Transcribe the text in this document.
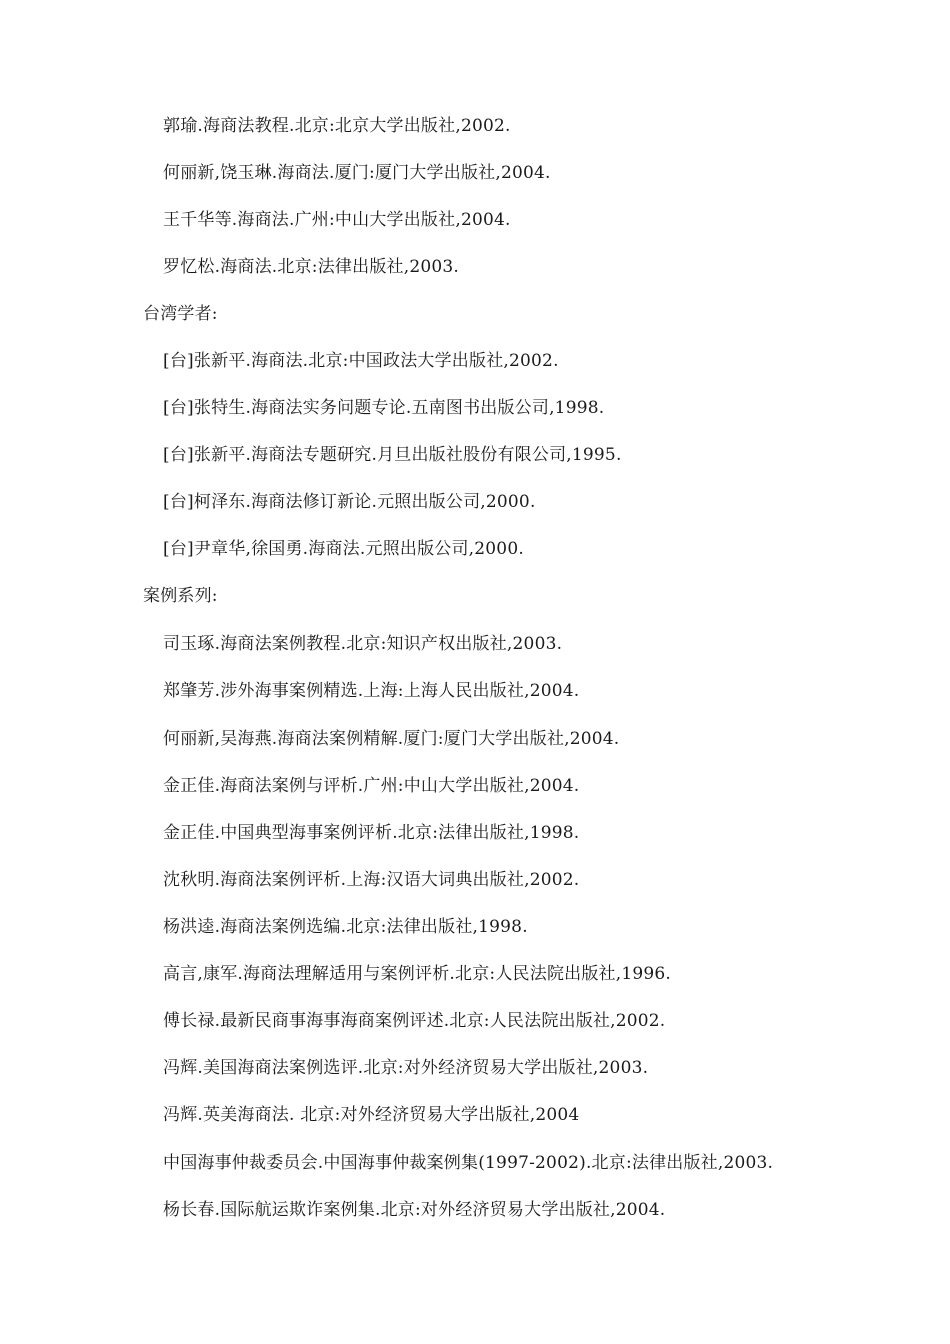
郭瑜.海商法教程.北京:北京大学出版社,2002.
何丽新,饶玉琳.海商法.厦门:厦门大学出版社,2004.
王千华等.海商法.广州:中山大学出版社,2004.
罗忆松.海商法.北京:法律出版社,2003.
台湾学者:
[台]张新平.海商法.北京:中国政法大学出版社,2002.
[台]张特生.海商法实务问题专论.五南图书出版公司,1998.
[台]张新平.海商法专题研究.月旦出版社股份有限公司,1995.
[台]柯泽东.海商法修订新论.元照出版公司,2000.
[台]尹章华,徐国勇.海商法.元照出版公司,2000.
案例系列:
司玉琢.海商法案例教程.北京:知识产权出版社,2003.
郑肇芳.涉外海事案例精选.上海:上海人民出版社,2004.
何丽新,吴海燕.海商法案例精解.厦门:厦门大学出版社,2004.
金正佳.海商法案例与评析.广州:中山大学出版社,2004.
金正佳.中国典型海事案例评析.北京:法律出版社,1998.
沈秋明.海商法案例评析.上海:汉语大词典出版社,2002.
杨洪逵.海商法案例选编.北京:法律出版社,1998.
高言,康军.海商法理解适用与案例评析.北京:人民法院出版社,1996.
傅长禄.最新民商事海事海商案例评述.北京:人民法院出版社,2002.
冯辉.美国海商法案例选评.北京:对外经济贸易大学出版社,2003.
冯辉.英美海商法. 北京:对外经济贸易大学出版社,2004
中国海事仲裁委员会.中国海事仲裁案例集(1997-2002).北京:法律出版社,2003.
杨长春.国际航运欺诈案例集.北京:对外经济贸易大学出版社,2004.
